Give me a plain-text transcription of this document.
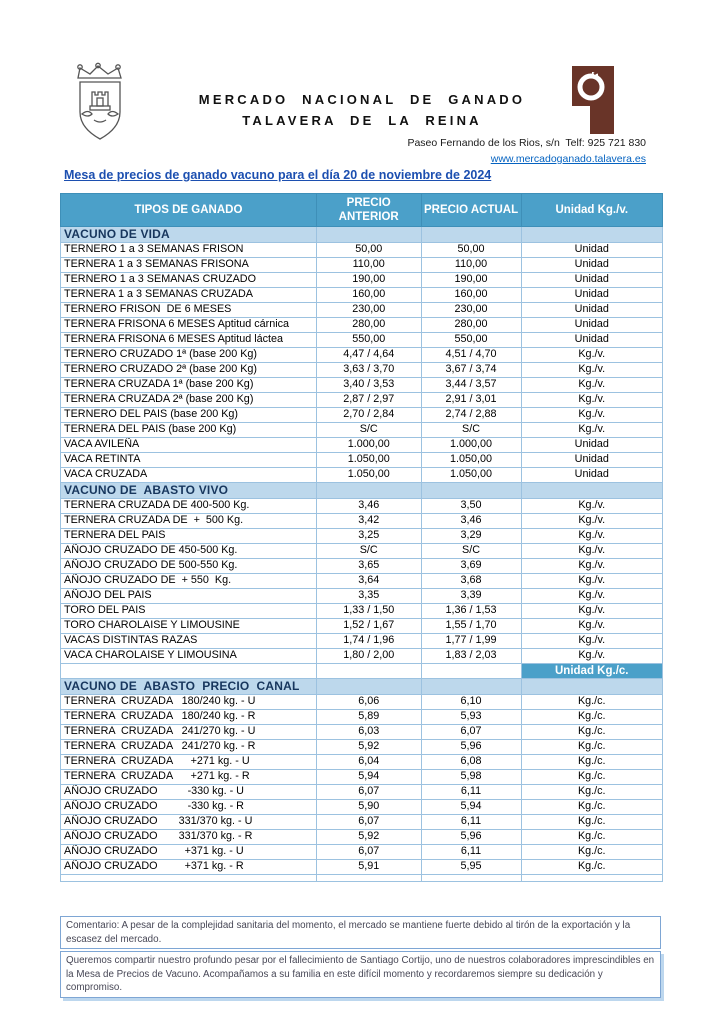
MERCADO NACIONAL DE GANADO
TALAVERA DE LA REINA
Paseo Fernando de los Rios, s/n  Telf: 925 721 830
www.mercadoganado.talavera.es
Mesa de precios de ganado vacuno para el día 20 de noviembre de 2024
TIPOS DE GANADO	PRECIO ANTERIOR	PRECIO ACTUAL	Unidad Kg./v.
VACUNO DE VIDA			
TERNERO 1 a 3 SEMANAS FRISON	50,00	50,00	Unidad
TERNERA 1 a 3 SEMANAS FRISONA	110,00	110,00	Unidad
TERNERO 1 a 3 SEMANAS CRUZADO	190,00	190,00	Unidad
TERNERA 1 a 3 SEMANAS CRUZADA	160,00	160,00	Unidad
TERNERO FRISON  DE 6 MESES	230,00	230,00	Unidad
TERNERA FRISONA 6 MESES Aptitud cárnica	280,00	280,00	Unidad
TERNERA FRISONA 6 MESES Aptitud láctea	550,00	550,00	Unidad
TERNERO CRUZADO 1ª (base 200 Kg)	4,47 / 4,64	4,51 / 4,70	Kg./v.
TERNERO CRUZADO 2ª (base 200 Kg)	3,63 / 3,70	3,67 / 3,74	Kg./v.
TERNERA CRUZADA 1ª (base 200 Kg)	3,40 / 3,53	3,44 / 3,57	Kg./v.
TERNERA CRUZADA 2ª (base 200 Kg)	2,87 / 2,97	2,91 / 3,01	Kg./v.
TERNERO DEL PAIS (base 200 Kg)	2,70 / 2,84	2,74 / 2,88	Kg./v.
TERNERA DEL PAIS (base 200 Kg)	S/C	S/C	Kg./v.
VACA AVILEÑA	1.000,00	1.000,00	Unidad
VACA RETINTA	1.050,00	1.050,00	Unidad
VACA CRUZADA	1.050,00	1.050,00	Unidad
VACUNO DE  ABASTO VIVO			
TERNERA CRUZADA DE 400-500 Kg.	3,46	3,50	Kg./v.
TERNERA CRUZADA DE  +  500 Kg.	3,42	3,46	Kg./v.
TERNERA DEL PAIS	3,25	3,29	Kg./v.
AÑOJO CRUZADO DE 450-500 Kg.	S/C	S/C	Kg./v.
AÑOJO CRUZADO DE 500-550 Kg.	3,65	3,69	Kg./v.
AÑOJO CRUZADO DE  + 550  Kg.	3,64	3,68	Kg./v.
AÑOJO DEL PAIS	3,35	3,39	Kg./v.
TORO DEL PAIS	1,33 / 1,50	1,36 / 1,53	Kg./v.
TORO CHAROLAISE Y LIMOUSINE	1,52 / 1,67	1,55 / 1,70	Kg./v.
VACAS DISTINTAS RAZAS	1,74 / 1,96	1,77 / 1,99	Kg./v.
VACA CHAROLAISE Y LIMOUSINA	1,80 / 2,00	1,83 / 2,03	Kg./v.
			Unidad Kg./c.
VACUNO DE  ABASTO  PRECIO  CANAL			
TERNERA  CRUZADA   180/240 kg. - U	6,06	6,10	Kg./c.
TERNERA  CRUZADA   180/240 kg. - R	5,89	5,93	Kg./c.
TERNERA  CRUZADA   241/270 kg. - U	6,03	6,07	Kg./c.
TERNERA  CRUZADA   241/270 kg. - R	5,92	5,96	Kg./c.
TERNERA  CRUZADA      +271 kg. - U	6,04	6,08	Kg./c.
TERNERA  CRUZADA      +271 kg. - R	5,94	5,98	Kg./c.
AÑOJO CRUZADO          -330 kg. - U	6,07	6,11	Kg./c.
AÑOJO CRUZADO          -330 kg. - R	5,90	5,94	Kg./c.
AÑOJO CRUZADO       331/370 kg. - U	6,07	6,11	Kg./c.
AÑOJO CRUZADO       331/370 kg. - R	5,92	5,96	Kg./c.
AÑOJO CRUZADO         +371 kg. - U	6,07	6,11	Kg./c.
AÑOJO CRUZADO         +371 kg. - R	5,91	5,95	Kg./c.

Comentario: A pesar de la complejidad sanitaria del momento, el mercado se mantiene fuerte debido al tirón de la exportación y la escasez del mercado.
Queremos compartir nuestro profundo pesar por el fallecimiento de Santiago Cortijo, uno de nuestros colaboradores imprescindibles en la Mesa de Precios de Vacuno. Acompañamos a su familia en este difícil momento y recordaremos siempre su dedicación y compromiso.
